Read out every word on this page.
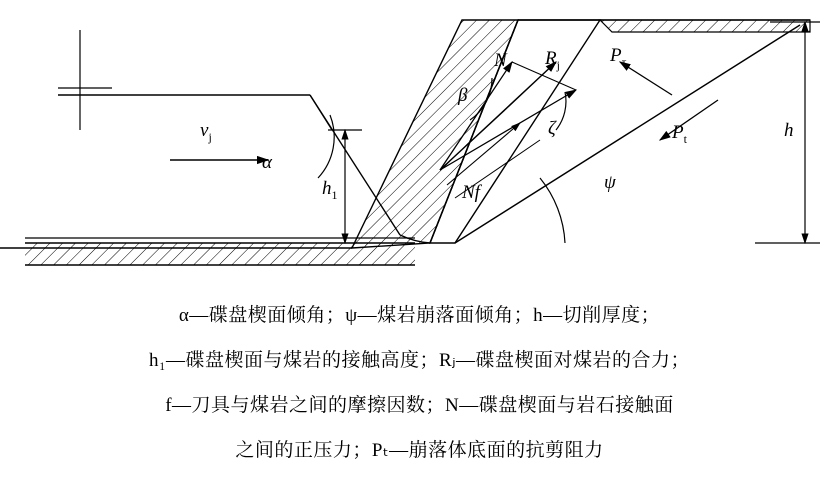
$v_j$
α
$h_1$
β
N $R_j$
ζ
Nf
$P_\tau$
$P_t$
ψ
h
α—碟盘楔面倾角；ψ—煤岩崩落面倾角；h—切削厚度；
h₁—碟盘楔面与煤岩的接触高度；Rⱼ—碟盘楔面对煤岩的合力；
f—刀具与煤岩之间的摩擦因数；N—碟盘楔面与岩石接触面
之间的正压力；Pₜ—崩落体底面的抗剪阻力
